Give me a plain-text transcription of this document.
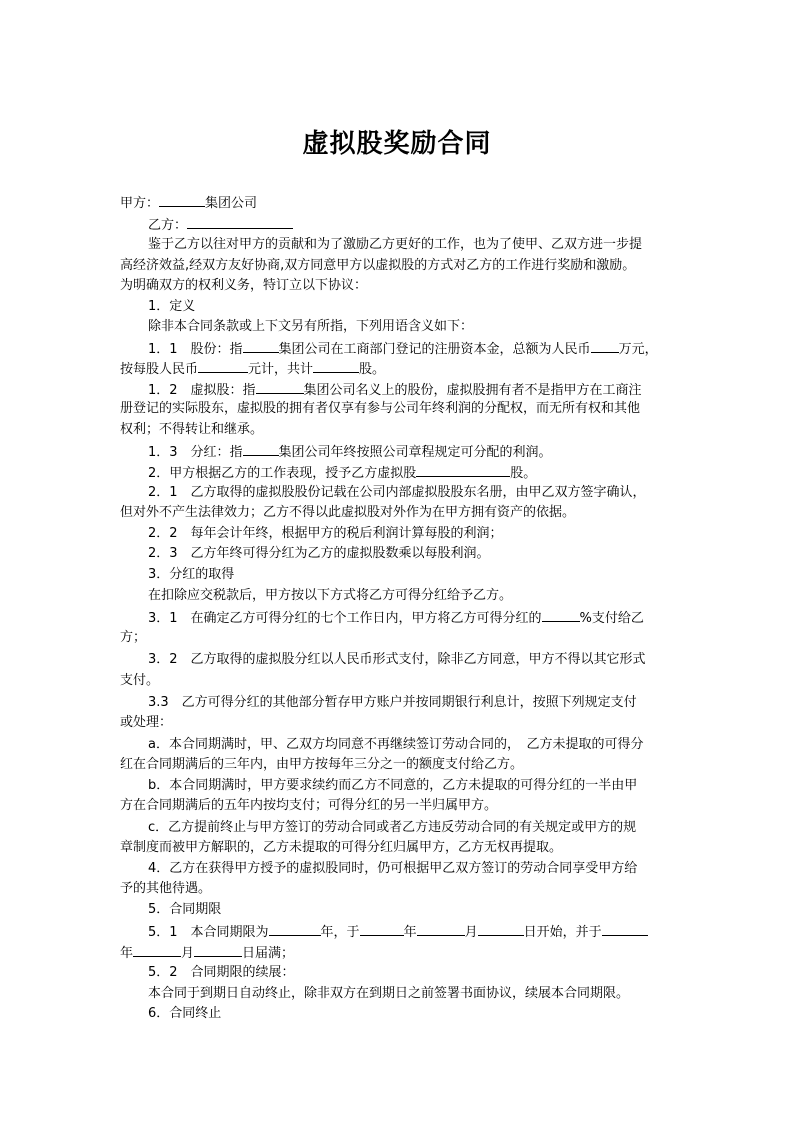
虚拟股奖励合同
甲方：	集团公司
乙方：
鉴于乙方以往对甲方的贡献和为了激励乙方更好的工作，也为了使甲、乙双方进一步提
高经济效益,经双方友好协商,双方同意甲方以虚拟股的方式对乙方的工作进行奖励和激励。
为明确双方的权利义务，特订立以下协议：
1．定义
除非本合同条款或上下文另有所指，下列用语含义如下：
1．1　股份：指	集团公司在工商部门登记的注册资本金，总额为人民币 万元，
按每股人民币	元计，共计	股。
1．2　虚拟股：指	集团公司名义上的股份，虚拟股拥有者不是指甲方在工商注
册登记的实际股东，虚拟股的拥有者仅享有参与公司年终利润的分配权，而无所有权和其他
权利；不得转让和继承。
1．3　分红：指	集团公司年终按照公司章程规定可分配的利润。
2．甲方根据乙方的工作表现，授予乙方虚拟股	股。
2．1　乙方取得的虚拟股股份记载在公司内部虚拟股股东名册，由甲乙双方签字确认，
但对外不产生法律效力；乙方不得以此虚拟股对外作为在甲方拥有资产的依据。
2．2　每年会计年终，根据甲方的税后利润计算每股的利润；
2．3　乙方年终可得分红为乙方的虚拟股数乘以每股利润。
3．分红的取得
在扣除应交税款后，甲方按以下方式将乙方可得分红给予乙方。
3．1　在确定乙方可得分红的七个工作日内，甲方将乙方可得分红的	%支付给乙
方；
3．2　乙方取得的虚拟股分红以人民币形式支付，除非乙方同意，甲方不得以其它形式
支付。
3.3　乙方可得分红的其他部分暂存甲方账户并按同期银行利息计，按照下列规定支付
或处理：
a．本合同期满时，甲、乙双方均同意不再继续签订劳动合同的，　乙方未提取的可得分
红在合同期满后的三年内，由甲方按每年三分之一的额度支付给乙方。
b．本合同期满时，甲方要求续约而乙方不同意的，乙方未提取的可得分红的一半由甲
方在合同期满后的五年内按均支付；可得分红的另一半归属甲方。
c．乙方提前终止与甲方签订的劳动合同或者乙方违反劳动合同的有关规定或甲方的规
章制度而被甲方解职的，乙方未提取的可得分红归属甲方，乙方无权再提取。
4．乙方在获得甲方授予的虚拟股同时，仍可根据甲乙双方签订的劳动合同享受甲方给
予的其他待遇。
5．合同期限
5．1　本合同期限为	年，于	年	月	日开始，并于
年	月	日届满；
5．2　合同期限的续展：
本合同于到期日自动终止，除非双方在到期日之前签署书面协议，续展本合同期限。
6．合同终止
